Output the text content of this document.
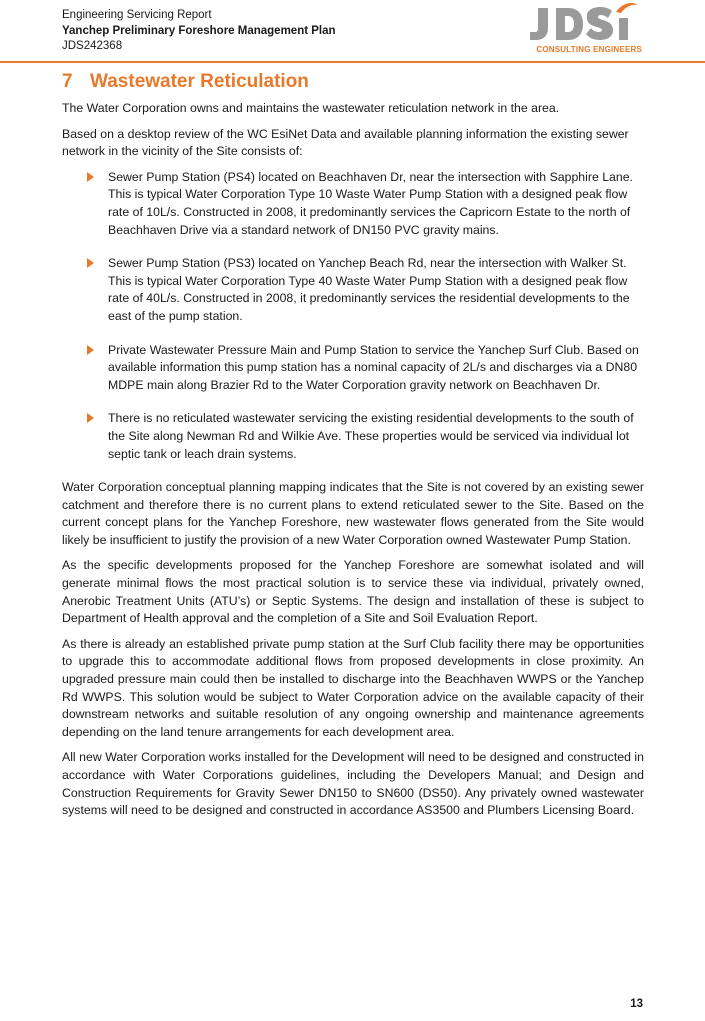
Engineering Servicing Report
Yanchep Preliminary Foreshore Management Plan
JDS242368	CONSULTING ENGINEERS
7 Wastewater Reticulation

The Water Corporation owns and maintains the wastewater reticulation network in the area.

Based on a desktop review of the WC EsiNet Data and available planning information the existing sewer network in the vicinity of the Site consists of:

Sewer Pump Station (PS4) located on Beachhaven Dr, near the intersection with Sapphire Lane. This is typical Water Corporation Type 10 Waste Water Pump Station with a designed peak flow rate of 10L/s. Constructed in 2008, it predominantly services the Capricorn Estate to the north of Beachhaven Drive via a standard network of DN150 PVC gravity mains.
Sewer Pump Station (PS3) located on Yanchep Beach Rd, near the intersection with Walker St. This is typical Water Corporation Type 40 Waste Water Pump Station with a designed peak flow rate of 40L/s. Constructed in 2008, it predominantly services the residential developments to the east of the pump station.
Private Wastewater Pressure Main and Pump Station to service the Yanchep Surf Club. Based on available information this pump station has a nominal capacity of 2L/s and discharges via a DN80 MDPE main along Brazier Rd to the Water Corporation gravity network on Beachhaven Dr.
There is no reticulated wastewater servicing the existing residential developments to the south of the Site along Newman Rd and Wilkie Ave. These properties would be serviced via individual lot septic tank or leach drain systems.

Water Corporation conceptual planning mapping indicates that the Site is not covered by an existing sewer catchment and therefore there is no current plans to extend reticulated sewer to the Site. Based on the current concept plans for the Yanchep Foreshore, new wastewater flows generated from the Site would likely be insufficient to justify the provision of a new Water Corporation owned Wastewater Pump Station.

As the specific developments proposed for the Yanchep Foreshore are somewhat isolated and will generate minimal flows the most practical solution is to service these via individual, privately owned, Anerobic Treatment Units (ATU’s) or Septic Systems. The design and installation of these is subject to Department of Health approval and the completion of a Site and Soil Evaluation Report.

As there is already an established private pump station at the Surf Club facility there may be opportunities to upgrade this to accommodate additional flows from proposed developments in close proximity. An upgraded pressure main could then be installed to discharge into the Beachhaven WWPS or the Yanchep Rd WWPS. This solution would be subject to Water Corporation advice on the available capacity of their downstream networks and suitable resolution of any ongoing ownership and maintenance agreements depending on the land tenure arrangements for each development area.

All new Water Corporation works installed for the Development will need to be designed and constructed in accordance with Water Corporations guidelines, including the Developers Manual; and Design and Construction Requirements for Gravity Sewer DN150 to SN600 (DS50). Any privately owned wastewater systems will need to be designed and constructed in accordance AS3500 and Plumbers Licensing Board.

13
